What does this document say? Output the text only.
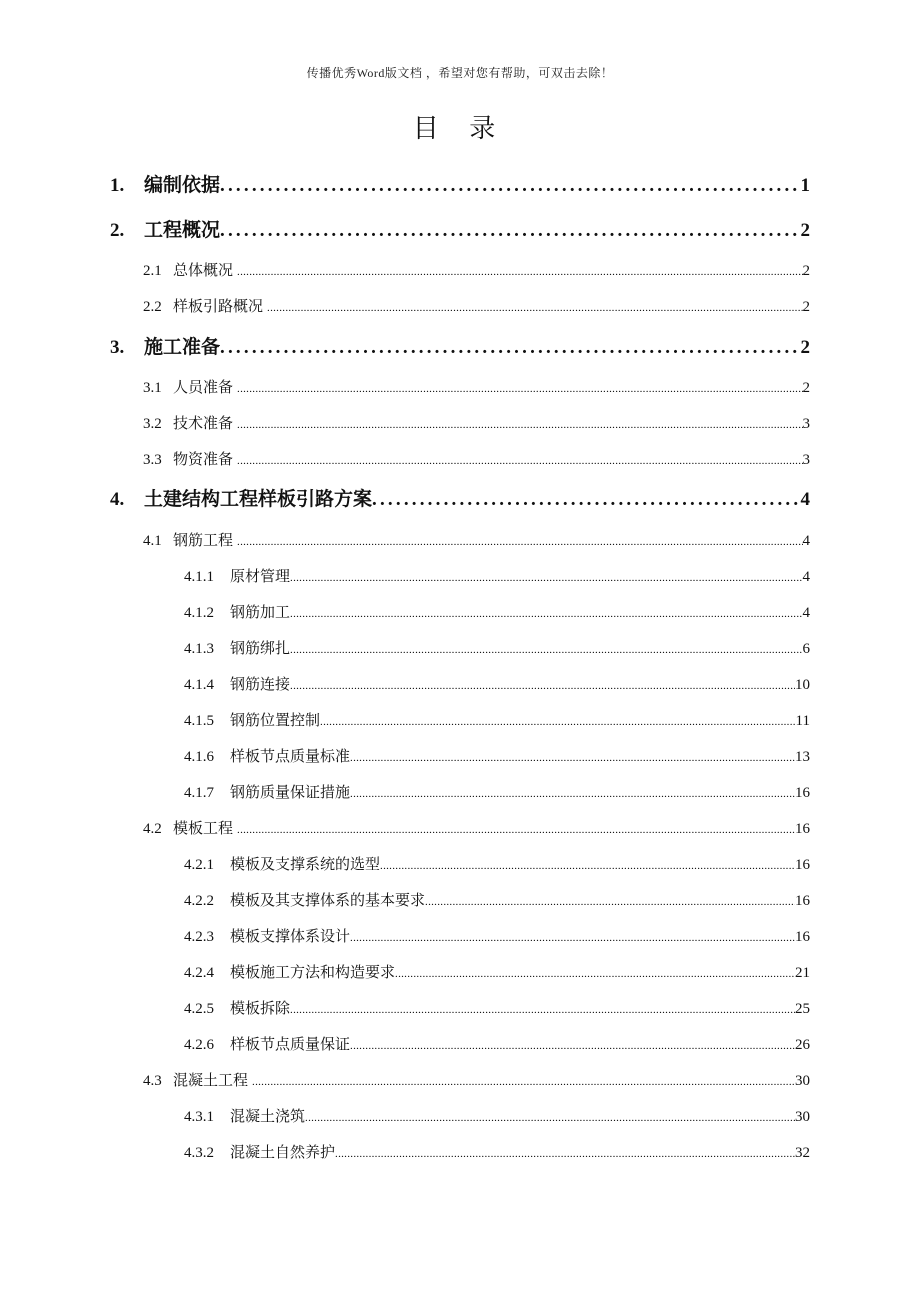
传播优秀Word版文档 ，希望对您有帮助，可双击去除！
目 录
1.	编制依据 .....	1
2.	工程概况 .....	2
2.1 总体概况 .....	2
2.2 样板引路概况 .....	2
3.	施工准备 .....	2
3.1 人员准备 .....	2
3.2 技术准备 .....	3
3.3 物资准备 .....	3
4.	土建结构工程样板引路方案 .....	4
4.1 钢筋工程 .....	4
4.1.1	原材管理 .....	4
4.1.2	钢筋加工 .....	4
4.1.3	钢筋绑扎 .....	6
4.1.4	钢筋连接 .....	10
4.1.5	钢筋位置控制 .....	11
4.1.6	样板节点质量标准 .....	13
4.1.7	钢筋质量保证措施 .....	16
4.2 模板工程 .....	16
4.2.1	模板及支撑系统的选型 .....	16
4.2.2	模板及其支撑体系的基本要求 .....	16
4.2.3	模板支撑体系设计 .....	16
4.2.4	模板施工方法和构造要求 .....	21
4.2.5	模板拆除 .....	25
4.2.6	样板节点质量保证 .....	26
4.3 混凝土工程 .....	30
4.3.1	混凝土浇筑 .....	30
4.3.2	混凝土自然养护 .....	32
